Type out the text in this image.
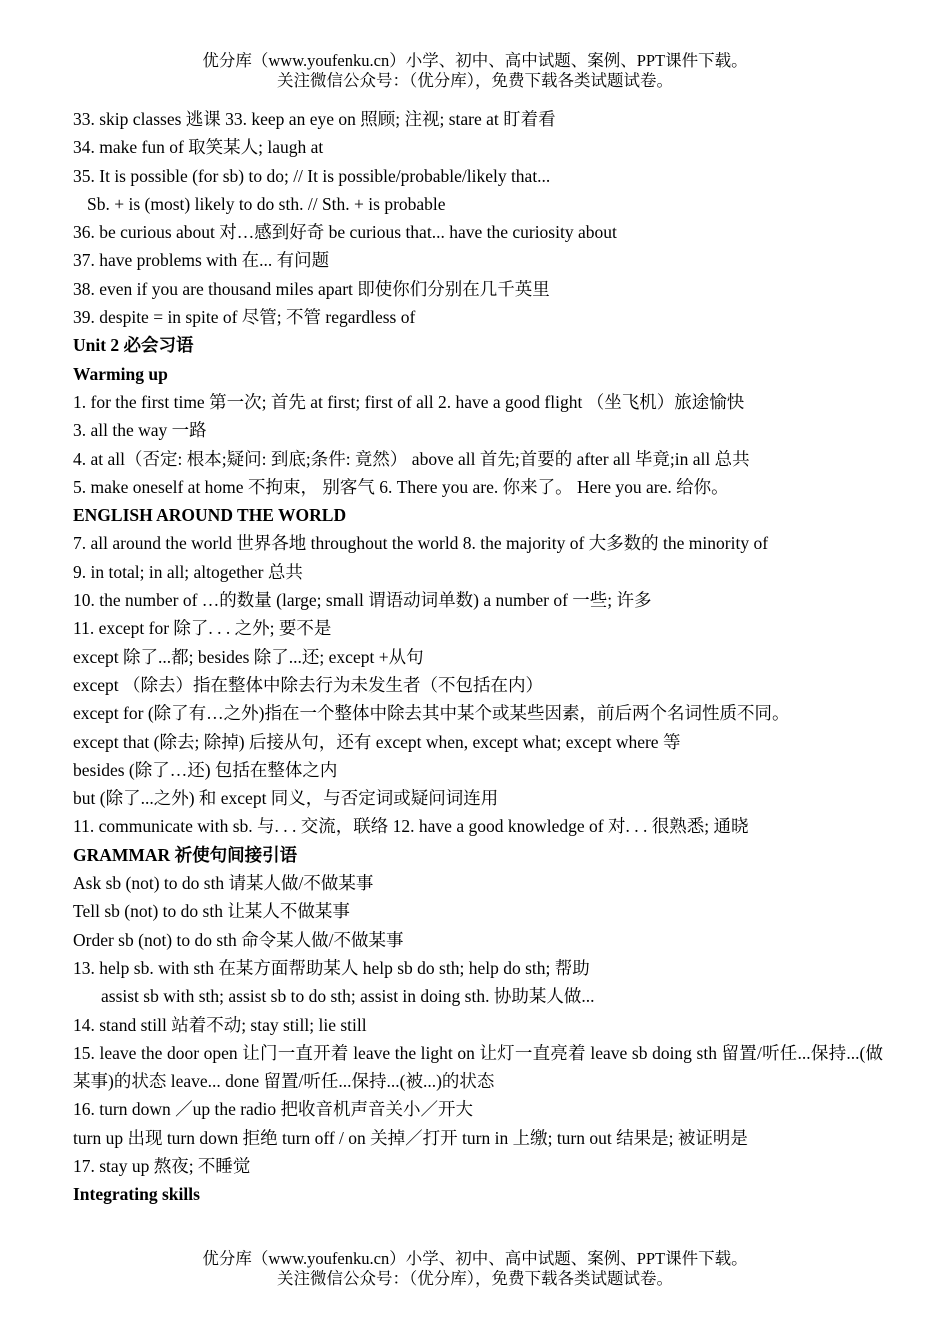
优分库（www.youfenku.cn）小学、初中、高中试题、案例、PPT课件下载。
关注微信公众号：（优分库），免费下载各类试题试卷。
33. skip classes 逃课 33. keep an eye on 照顾; 注视; stare at 盯着看
34. make fun of 取笑某人; laugh at
35. It is possible (for sb) to do; // It is possible/probable/likely that...
Sb. + is (most) likely to do sth. // Sth. + is probable
36. be curious about 对…感到好奇 be curious that... have the curiosity about
37. have problems with 在... 有问题
38. even if you are thousand miles apart 即使你们分别在几千英里
39. despite = in spite of 尽管; 不管 regardless of
Unit 2 必会习语
Warming up
1. for the first time 第一次; 首先 at first; first of all 2. have a good flight （坐飞机）旅途愉快
3. all the way 一路
4. at all（否定: 根本;疑问: 到底;条件: 竟然） above all 首先;首要的 after all 毕竟;in all 总共
5. make oneself at home 不拘束， 别客气 6. There you are. 你来了。 Here you are. 给你。
ENGLISH AROUND THE WORLD
7. all around the world 世界各地 throughout the world 8. the majority of 大多数的 the minority of
9. in total; in all; altogether 总共
10. the number of …的数量 (large; small 谓语动词单数) a number of 一些; 许多
11. except for 除了. . . 之外; 要不是
except 除了...都; besides 除了...还; except +从句
except （除去）指在整体中除去行为未发生者（不包括在内）
except for (除了有…之外)指在一个整体中除去其中某个或某些因素，前后两个名词性质不同。
except that (除去; 除掉) 后接从句，还有 except when, except what; except where 等
besides (除了…还) 包括在整体之内
but (除了...之外) 和 except 同义，与否定词或疑问词连用
11. communicate with sb. 与. . . 交流，联络 12. have a good knowledge of 对. . . 很熟悉; 通晓
GRAMMAR 祈使句间接引语
Ask sb (not) to do sth 请某人做/不做某事
Tell sb (not) to do sth 让某人不做某事
Order sb (not) to do sth 命令某人做/不做某事
13. help sb. with sth 在某方面帮助某人 help sb do sth; help do sth; 帮助
assist sb with sth; assist sb to do sth; assist in doing sth. 协助某人做...
14. stand still 站着不动; stay still; lie still
15. leave the door open 让门一直开着 leave the light on 让灯一直亮着 leave sb doing sth 留置/听任...保持...(做某事)的状态 leave... done 留置/听任...保持...(被...)的状态
16. turn down ／up the radio 把收音机声音关小／开大
turn up 出现 turn down 拒绝 turn off / on 关掉／打开 turn in 上缴; turn out 结果是; 被证明是
17. stay up 熬夜; 不睡觉
Integrating skills
优分库（www.youfenku.cn）小学、初中、高中试题、案例、PPT课件下载。
关注微信公众号：（优分库），免费下载各类试题试卷。
